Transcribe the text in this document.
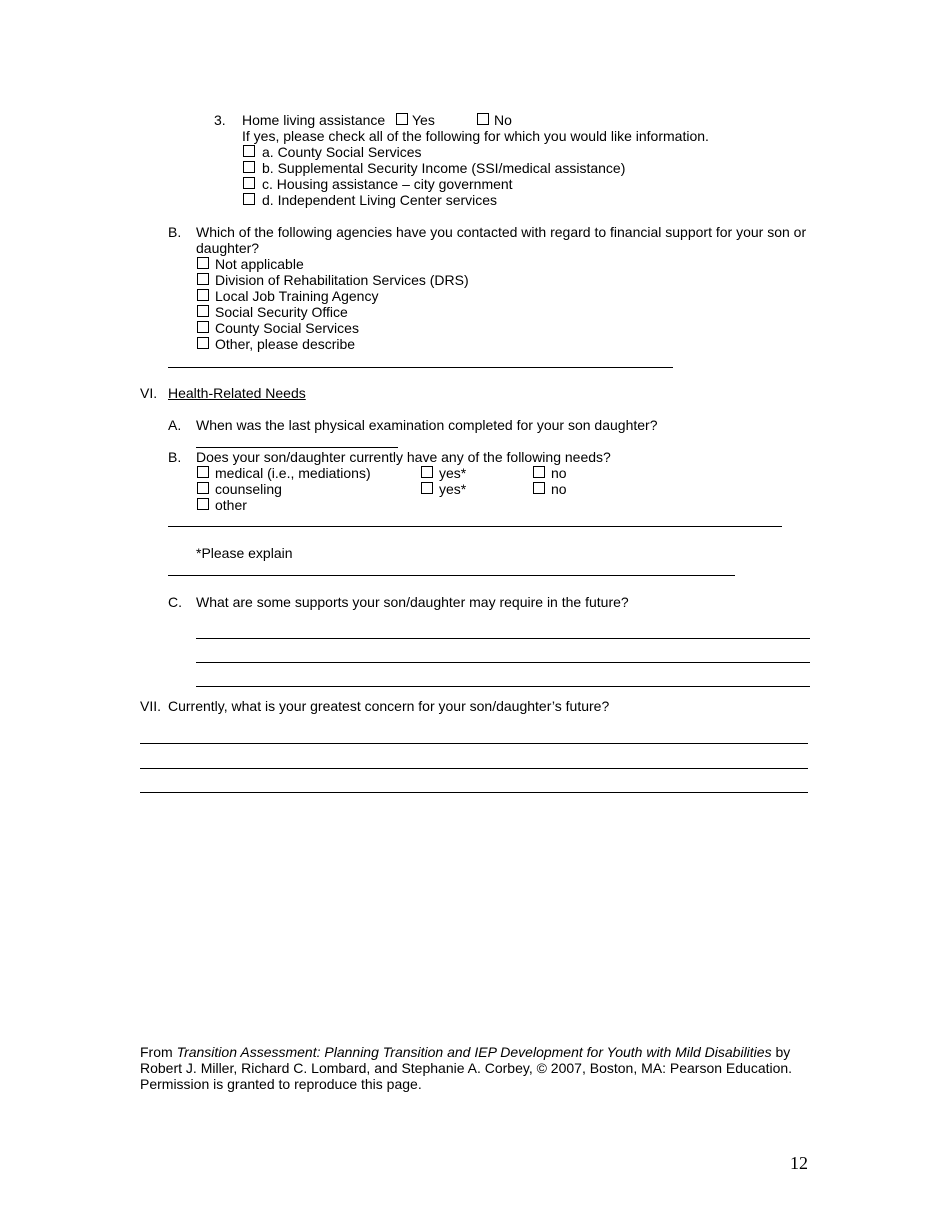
3. Home living assistance Yes	No
If yes, please check all of the following for which you would like information.
a. County Social Services
b. Supplemental Security Income (SSI/medical assistance)
c. Housing assistance – city government
d. Independent Living Center services
B. Which of the following agencies have you contacted with regard to financial support for your son or
daughter?
Not applicable
Division of Rehabilitation Services (DRS)
Local Job Training Agency
Social Security Office
County Social Services
Other, please describe
VI. Health-Related Needs
A. When was the last physical examination completed for your son daughter?
B. Does your son/daughter currently have any of the following needs?
medical (i.e., mediations)	yes*	no
counseling	yes*	no
other
*Please explain
C. What are some supports your son/daughter may require in the future?
VII. Currently, what is your greatest concern for your son/daughter’s future?
From Transition Assessment: Planning Transition and IEP Development for Youth with Mild Disabilities by
Robert J. Miller, Richard C. Lombard, and Stephanie A. Corbey, © 2007, Boston, MA: Pearson Education.
Permission is granted to reproduce this page.
12
